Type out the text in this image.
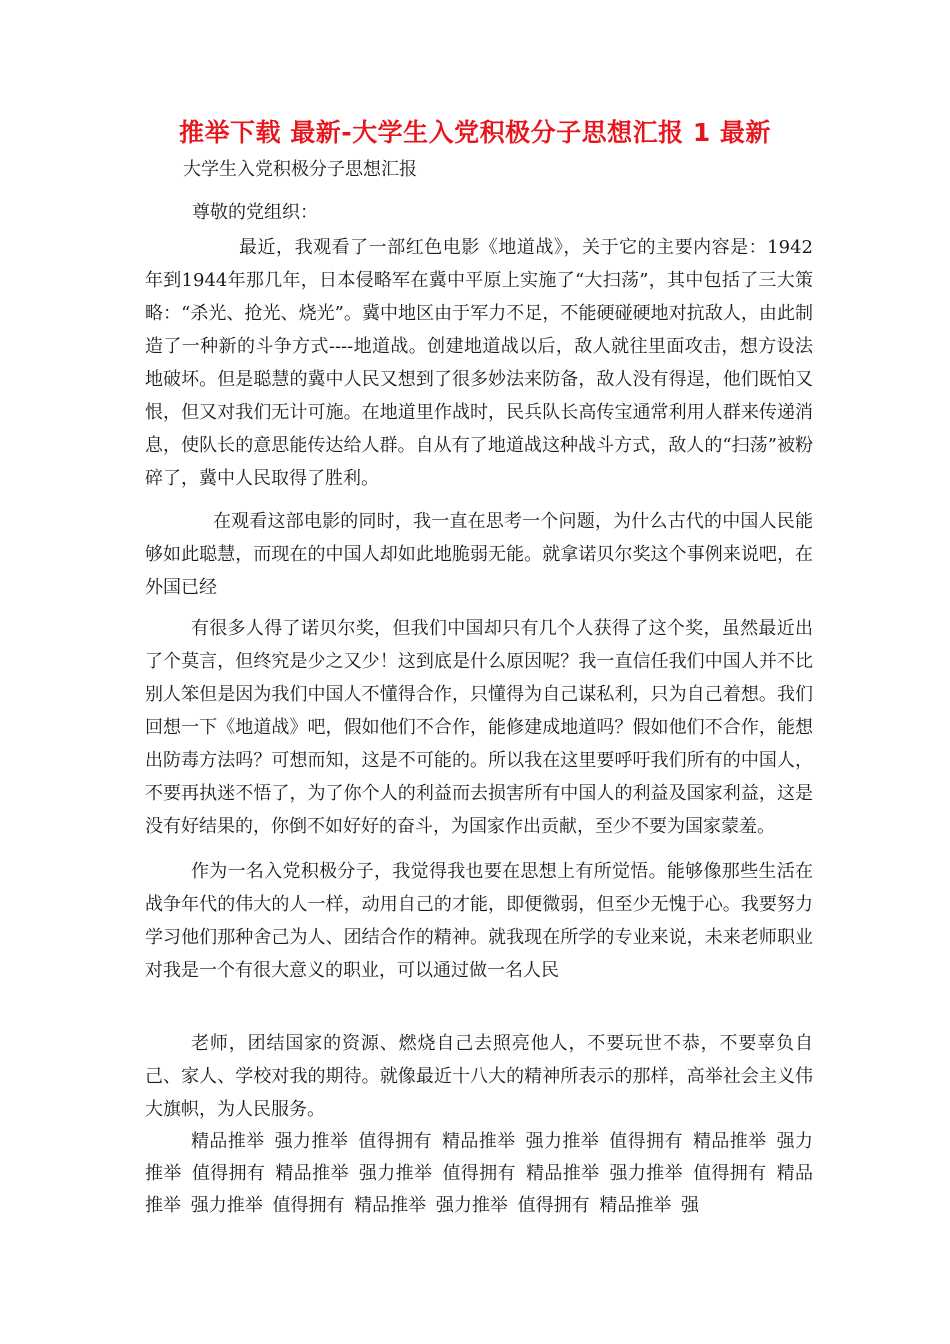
推举下载 最新-大学生入党积极分子思想汇报 1 最新
大学生入党积极分子思想汇报
尊敬的党组织：

最近，我观看了一部红色电影《地道战》，关于它的主要内容是：1942年到1944年那几年，日本侵略军在冀中平原上实施了“大扫荡”，其中包括了三大策略：“杀光、抢光、烧光”。冀中地区由于军力不足，不能硬碰硬地对抗敌人，由此制造了一种新的斗争方式----地道战。创建地道战以后，敌人就往里面攻击，想方设法地破坏。但是聪慧的冀中人民又想到了很多妙法来防备，敌人没有得逞，他们既怕又恨，但又对我们无计可施。在地道里作战时，民兵队长高传宝通常利用人群来传递消息，使队长的意思能传达给人群。自从有了地道战这种战斗方式，敌人的“扫荡”被粉碎了，冀中人民取得了胜利。

在观看这部电影的同时，我一直在思考一个问题，为什么古代的中国人民能够如此聪慧，而现在的中国人却如此地脆弱无能。就拿诺贝尔奖这个事例来说吧，在外国已经

有很多人得了诺贝尔奖，但我们中国却只有几个人获得了这个奖，虽然最近出了个莫言，但终究是少之又少！这到底是什么原因呢？我一直信任我们中国人并不比别人笨但是因为我们中国人不懂得合作，只懂得为自己谋私利，只为自己着想。我们回想一下《地道战》吧，假如他们不合作，能修建成地道吗？假如他们不合作，能想出防毒方法吗？可想而知，这是不可能的。所以我在这里要呼吁我们所有的中国人，不要再执迷不悟了，为了你个人的利益而去损害所有中国人的利益及国家利益，这是没有好结果的，你倒不如好好的奋斗，为国家作出贡献，至少不要为国家蒙羞。

作为一名入党积极分子，我觉得我也要在思想上有所觉悟。能够像那些生活在战争年代的伟大的人一样，动用自己的才能，即便微弱，但至少无愧于心。我要努力学习他们那种舍己为人、团结合作的精神。就我现在所学的专业来说，未来老师职业对我是一个有很大意义的职业，可以通过做一名人民

老师，团结国家的资源、燃烧自己去照亮他人，不要玩世不恭，不要辜负自己、家人、学校对我的期待。就像最近十八大的精神所表示的那样，高举社会主义伟大旗帜，为人民服务。

精品推举 强力推举 值得拥有 精品推举 强力推举 值得拥有 精品推举 强力推举 值得拥有 精品推举 强力推举 值得拥有 精品推举 强力推举 值得拥有 精品推举 强力推举 值得拥有 精品推举 强力推举 值得拥有 精品推举 强
